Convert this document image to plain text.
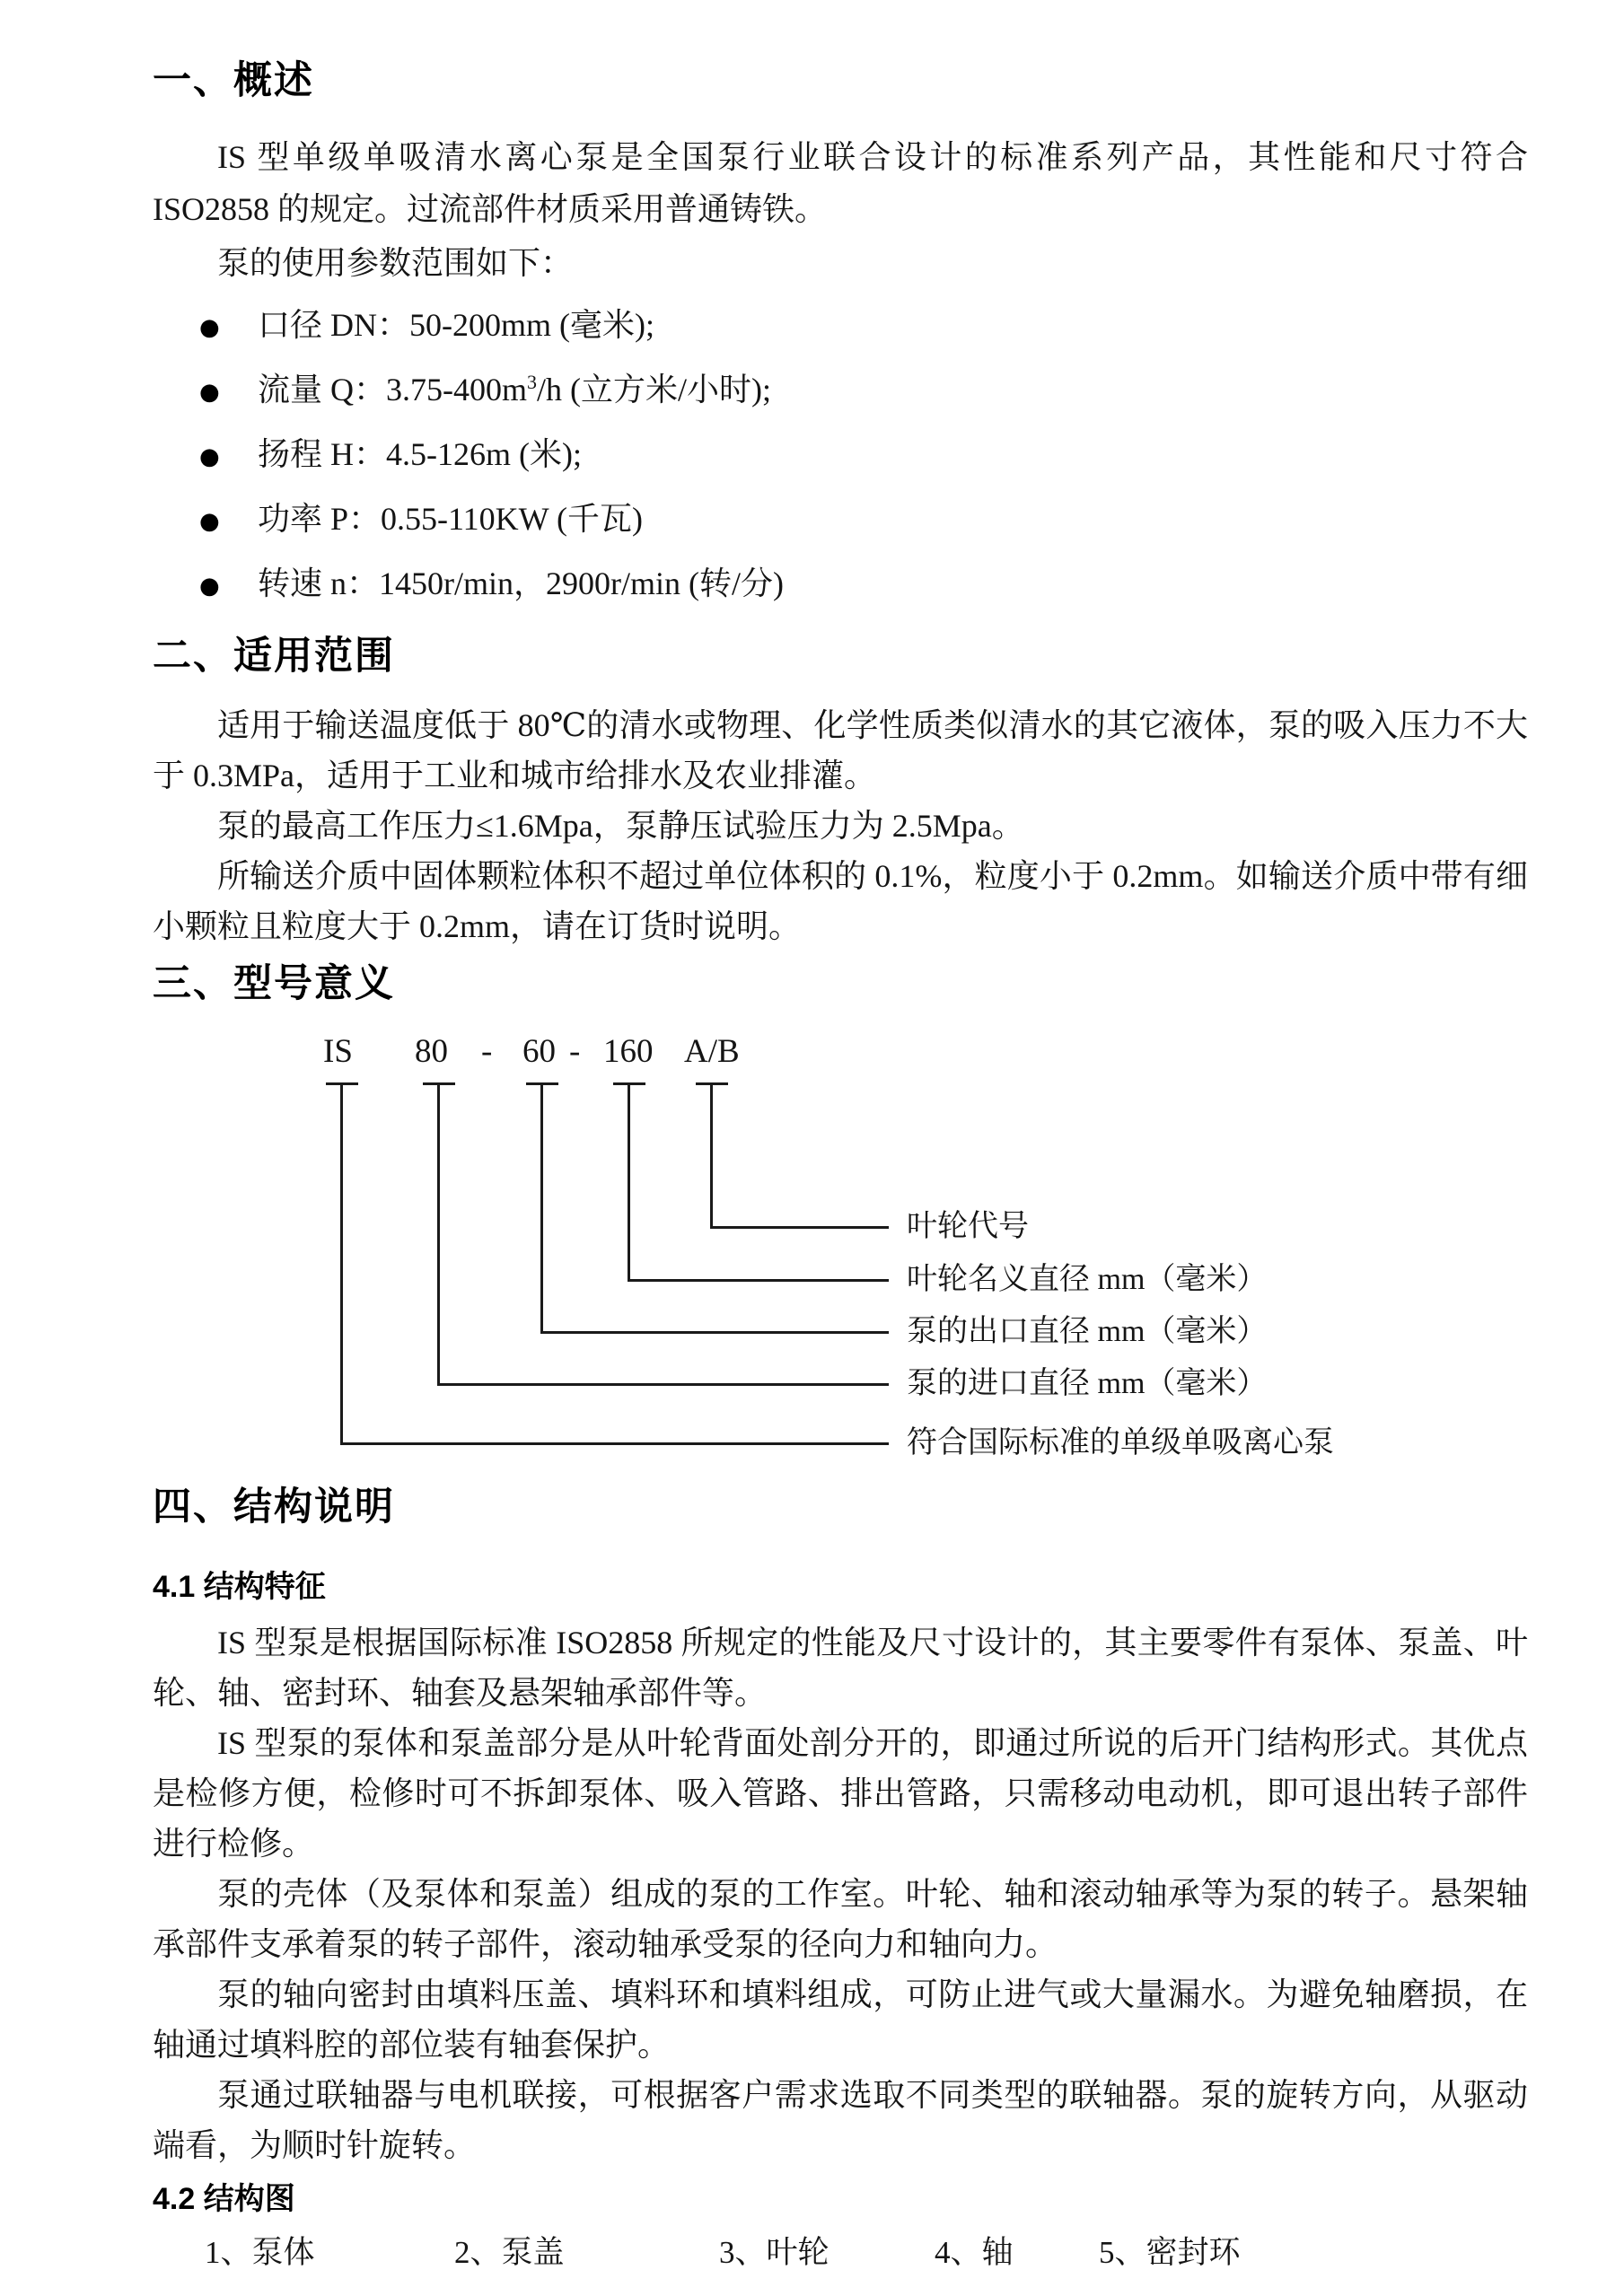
一、概述

IS 型单级单吸清水离心泵是全国泵行业联合设计的标准系列产品，其性能和尺寸符合 ISO2858 的规定。过流部件材质采用普通铸铁。

泵的使用参数范围如下：

● 口径 DN：50-200mm (毫米);
● 流量 Q：$3.75-400m^3/h$ (立方米/小时);
● 扬程 H：4.5-126m (米);
● 功率 P：0.55-110KW (千瓦)
● 转速 n：1450r/min，2900r/min (转/分)
二、适用范围

适用于输送温度低于 80℃的清水或物理、化学性质类似清水的其它液体，泵的吸入压力不大于 0.3MPa，适用于工业和城市给排水及农业排灌。

泵的最高工作压力≤1.6Mpa，泵静压试验压力为 2.5Mpa。

所输送介质中固体颗粒体积不超过单位体积的 0.1%，粒度小于 0.2mm。如输送介质中带有细小颗粒且粒度大于 0.2mm，请在订货时说明。

三、型号意义
IS 80 - 60 - 160 A/B
叶轮代号
叶轮名义直径 mm（毫米）
泵的出口直径 mm（毫米）
泵的进口直径 mm（毫米）
符合国际标准的单级单吸离心泵
四、结构说明
4.1 结构特征

IS 型泵是根据国际标准 ISO2858 所规定的性能及尺寸设计的，其主要零件有泵体、泵盖、叶轮、轴、密封环、轴套及悬架轴承部件等。

IS 型泵的泵体和泵盖部分是从叶轮背面处剖分开的，即通过所说的后开门结构形式。其优点是检修方便，检修时可不拆卸泵体、吸入管路、排出管路，只需移动电动机，即可退出转子部件进行检修。

泵的壳体（及泵体和泵盖）组成的泵的工作室。叶轮、轴和滚动轴承等为泵的转子。悬架轴承部件支承着泵的转子部件，滚动轴承受泵的径向力和轴向力。

泵的轴向密封由填料压盖、填料环和填料组成，可防止进气或大量漏水。为避免轴磨损，在轴通过填料腔的部位装有轴套保护。

泵通过联轴器与电机联接，可根据客户需求选取不同类型的联轴器。泵的旋转方向，从驱动端看，为顺时针旋转。

4.2 结构图
1、泵体	2、泵盖	3、叶轮	4、轴	5、密封环
